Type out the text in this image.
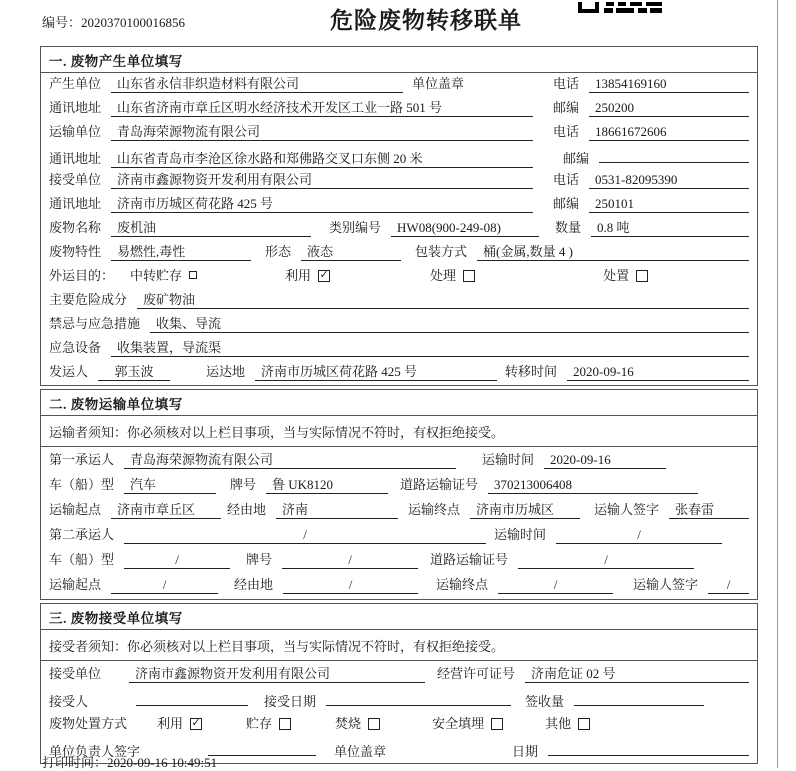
编号：2020370100016856	危险废物转移联单
一. 废物产生单位填写
产生单位	山东省永信非织造材料有限公司	单位盖章	电话	13854169160
通讯地址	山东省济南市章丘区明水经济技术开发区工业一路 501 号	邮编	250200
运输单位	青岛海荣源物流有限公司	电话	18661672606
通讯地址	山东省青岛市李沧区徐水路和郑佛路交叉口东侧 20 米	邮编
接受单位	济南市鑫源物资开发利用有限公司	电话	0531-82095390
通讯地址	济南市历城区荷花路 425 号	邮编	250101
废物名称	废机油	类别编号	HW08(900-249-08)	数量	0.8 吨
废物特性	易燃性,毒性	形态	液态	包装方式	桶(金属,数量 4 )
外运目的： 中转贮存	利用 ✓	处理	处置
主要危险成分	废矿物油
禁忌与应急措施	收集、导流
应急设备	收集装置，导流渠
发运人	郭玉波	运达地	济南市历城区荷花路 425 号	转移时间	2020-09-16
二. 废物运输单位填写
运输者须知：你必须核对以上栏目事项，当与实际情况不符时，有权拒绝接受。
第一承运人	青岛海荣源物流有限公司	运输时间	2020-09-16
车（船）型	汽车	牌号	鲁 UK8120	道路运输证号	370213006408
运输起点	济南市章丘区	经由地	济南	运输终点	济南市历城区	运输人签字	张春雷
第二承运人	/	运输时间	/
车（船）型	/	牌号	/	道路运输证号	/
运输起点	/	经由地	/	运输终点	/	运输人签字	/
三. 废物接受单位填写
接受者须知：你必须核对以上栏目事项，当与实际情况不符时，有权拒绝接受。
接受单位	济南市鑫源物资开发利用有限公司	经营许可证号	济南危证 02 号
接受人	接受日期	签收量
废物处置方式 利用 ✓	贮存	焚烧	安全填埋	其他
单位负责人签字	单位盖章	日期
打印时间：2020-09-16 10:49:51
